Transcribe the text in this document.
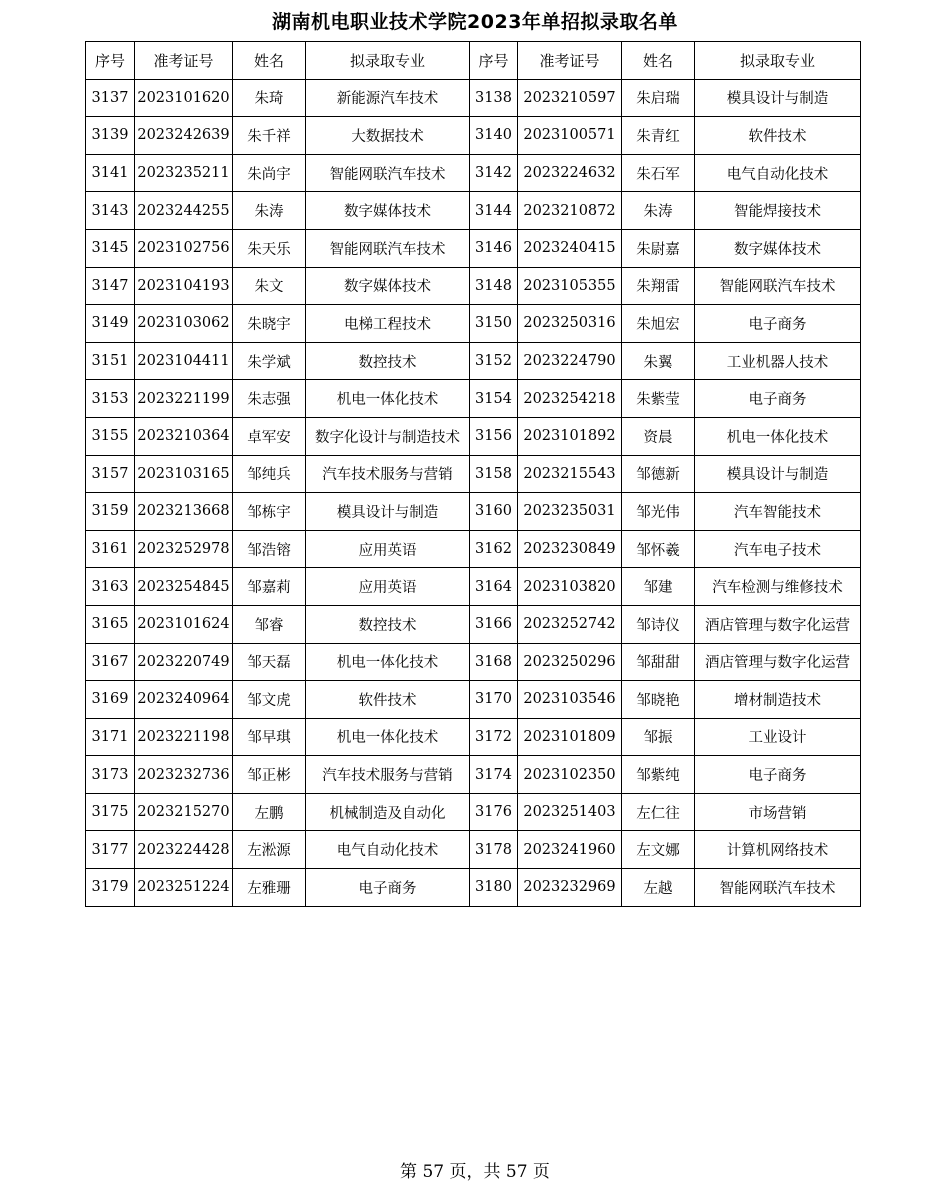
湖南机电职业技术学院2023年单招拟录取名单
序号	准考证号	姓名	拟录取专业	序号	准考证号	姓名	拟录取专业
3137	2023101620	朱琦	新能源汽车技术	3138	2023210597	朱启瑞	模具设计与制造
3139	2023242639	朱千祥	大数据技术	3140	2023100571	朱青红	软件技术
3141	2023235211	朱尚宇	智能网联汽车技术	3142	2023224632	朱石军	电气自动化技术
3143	2023244255	朱涛	数字媒体技术	3144	2023210872	朱涛	智能焊接技术
3145	2023102756	朱天乐	智能网联汽车技术	3146	2023240415	朱尉嘉	数字媒体技术
3147	2023104193	朱文	数字媒体技术	3148	2023105355	朱翔雷	智能网联汽车技术
3149	2023103062	朱晓宇	电梯工程技术	3150	2023250316	朱旭宏	电子商务
3151	2023104411	朱学斌	数控技术	3152	2023224790	朱翼	工业机器人技术
3153	2023221199	朱志强	机电一体化技术	3154	2023254218	朱紫莹	电子商务
3155	2023210364	卓军安	数字化设计与制造技术	3156	2023101892	资晨	机电一体化技术
3157	2023103165	邹纯兵	汽车技术服务与营销	3158	2023215543	邹德新	模具设计与制造
3159	2023213668	邹栋宇	模具设计与制造	3160	2023235031	邹光伟	汽车智能技术
3161	2023252978	邹浩镕	应用英语	3162	2023230849	邹怀羲	汽车电子技术
3163	2023254845	邹嘉莉	应用英语	3164	2023103820	邹建	汽车检测与维修技术
3165	2023101624	邹睿	数控技术	3166	2023252742	邹诗仪	酒店管理与数字化运营
3167	2023220749	邹天磊	机电一体化技术	3168	2023250296	邹甜甜	酒店管理与数字化运营
3169	2023240964	邹文虎	软件技术	3170	2023103546	邹晓艳	增材制造技术
3171	2023221198	邹早琪	机电一体化技术	3172	2023101809	邹振	工业设计
3173	2023232736	邹正彬	汽车技术服务与营销	3174	2023102350	邹紫纯	电子商务
3175	2023215270	左鹏	机械制造及自动化	3176	2023251403	左仁往	市场营销
3177	2023224428	左淞源	电气自动化技术	3178	2023241960	左文娜	计算机网络技术
3179	2023251224	左雅珊	电子商务	3180	2023232969	左越	智能网联汽车技术
第 57 页，共 57 页
